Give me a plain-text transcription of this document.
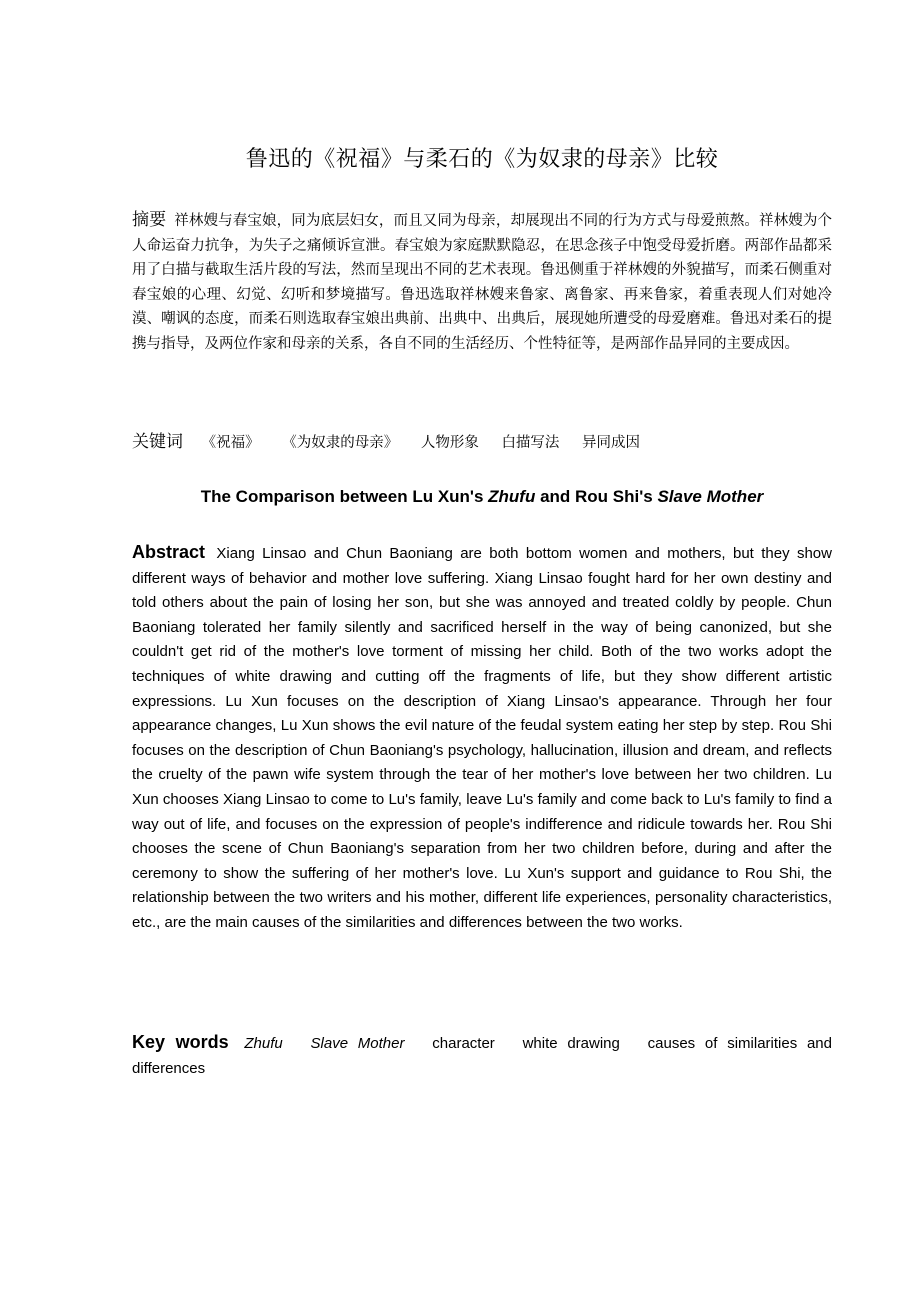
鲁迅的《祝福》与柔石的《为奴隶的母亲》比较
摘要 祥林嫂与春宝娘，同为底层妇女，而且又同为母亲，却展现出不同的行为方式与母爱煎熬。祥林嫂为个人命运奋力抗争，为失子之痛倾诉宣泄。春宝娘为家庭默默隐忍，在思念孩子中饱受母爱折磨。两部作品都采用了白描与截取生活片段的写法，然而呈现出不同的艺术表现。鲁迅侧重于祥林嫂的外貌描写，而柔石侧重对春宝娘的心理、幻觉、幻听和梦境描写。鲁迅选取祥林嫂来鲁家、离鲁家、再来鲁家，着重表现人们对她冷漠、嘲讽的态度，而柔石则选取春宝娘出典前、出典中、出典后，展现她所遭受的母爱磨难。鲁迅对柔石的提携与指导，及两位作家和母亲的关系，各自不同的生活经历、个性特征等，是两部作品异同的主要成因。
关键词 《祝福》 《为奴隶的母亲》 人物形象 白描写法 异同成因
The Comparison between Lu Xun's Zhufu and Rou Shi's Slave Mother
Abstract Xiang Linsao and Chun Baoniang are both bottom women and mothers, but they show different ways of behavior and mother love suffering. Xiang Linsao fought hard for her own destiny and told others about the pain of losing her son, but she was annoyed and treated coldly by people. Chun Baoniang tolerated her family silently and sacrificed herself in the way of being canonized, but she couldn't get rid of the mother's love torment of missing her child. Both of the two works adopt the techniques of white drawing and cutting off the fragments of life, but they show different artistic expressions. Lu Xun focuses on the description of Xiang Linsao's appearance. Through her four appearance changes, Lu Xun shows the evil nature of the feudal system eating her step by step. Rou Shi focuses on the description of Chun Baoniang's psychology, hallucination, illusion and dream, and reflects the cruelty of the pawn wife system through the tear of her mother's love between her two children. Lu Xun chooses Xiang Linsao to come to Lu's family, leave Lu's family and come back to Lu's family to find a way out of life, and focuses on the expression of people's indifference and ridicule towards her. Rou Shi chooses the scene of Chun Baoniang's separation from her two children before, during and after the ceremony to show the suffering of her mother's love. Lu Xun's support and guidance to Rou Shi, the relationship between the two writers and his mother, different life experiences, personality characteristics, etc., are the main causes of the similarities and differences between the two works.
Key words Zhufu Slave Mother character white drawing causes of similarities and differences
